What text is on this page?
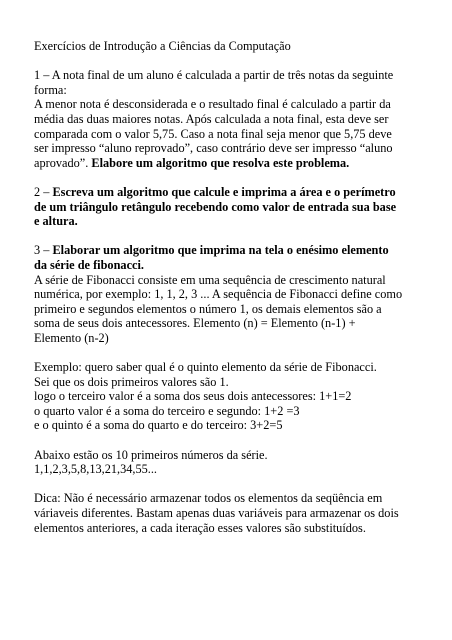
Exercícios de Introdução a Ciências da Computação

1 – A nota final de um aluno é calculada a partir de três notas da seguinte
forma:
A menor nota é desconsiderada e o resultado final é calculado a partir da
média das duas maiores notas. Após calculada a nota final, esta deve ser
comparada com o valor 5,75. Caso a nota final seja menor que 5,75 deve
ser impresso “aluno reprovado”, caso contrário deve ser impresso “aluno
aprovado”. Elabore um algoritmo que resolva este problema.

2 – Escreva um algoritmo que calcule e imprima a área e o perímetro
de um triângulo retângulo recebendo como valor de entrada sua base
e altura.

3 – Elaborar um algoritmo que imprima na tela o enésimo elemento
da série de fibonacci.
A série de Fibonacci consiste em uma sequência de crescimento natural
numérica, por exemplo: 1, 1, 2, 3 ... A sequência de Fibonacci define como
primeiro e segundos elementos o número 1, os demais elementos são a
soma de seus dois antecessores. Elemento (n) = Elemento (n-1) +
Elemento (n-2)

Exemplo: quero saber qual é o quinto elemento da série de Fibonacci.
Sei que os dois primeiros valores são 1.
logo o terceiro valor é a soma dos seus dois antecessores: 1+1=2
o quarto valor é a soma do terceiro e segundo: 1+2 =3
e o quinto é a soma do quarto e do terceiro: 3+2=5

Abaixo estão os 10 primeiros números da série.
1,1,2,3,5,8,13,21,34,55...

Dica: Não é necessário armazenar todos os elementos da seqüência em
váriaveis diferentes. Bastam apenas duas variáveis para armazenar os dois
elementos anteriores, a cada iteração esses valores são substituídos.
